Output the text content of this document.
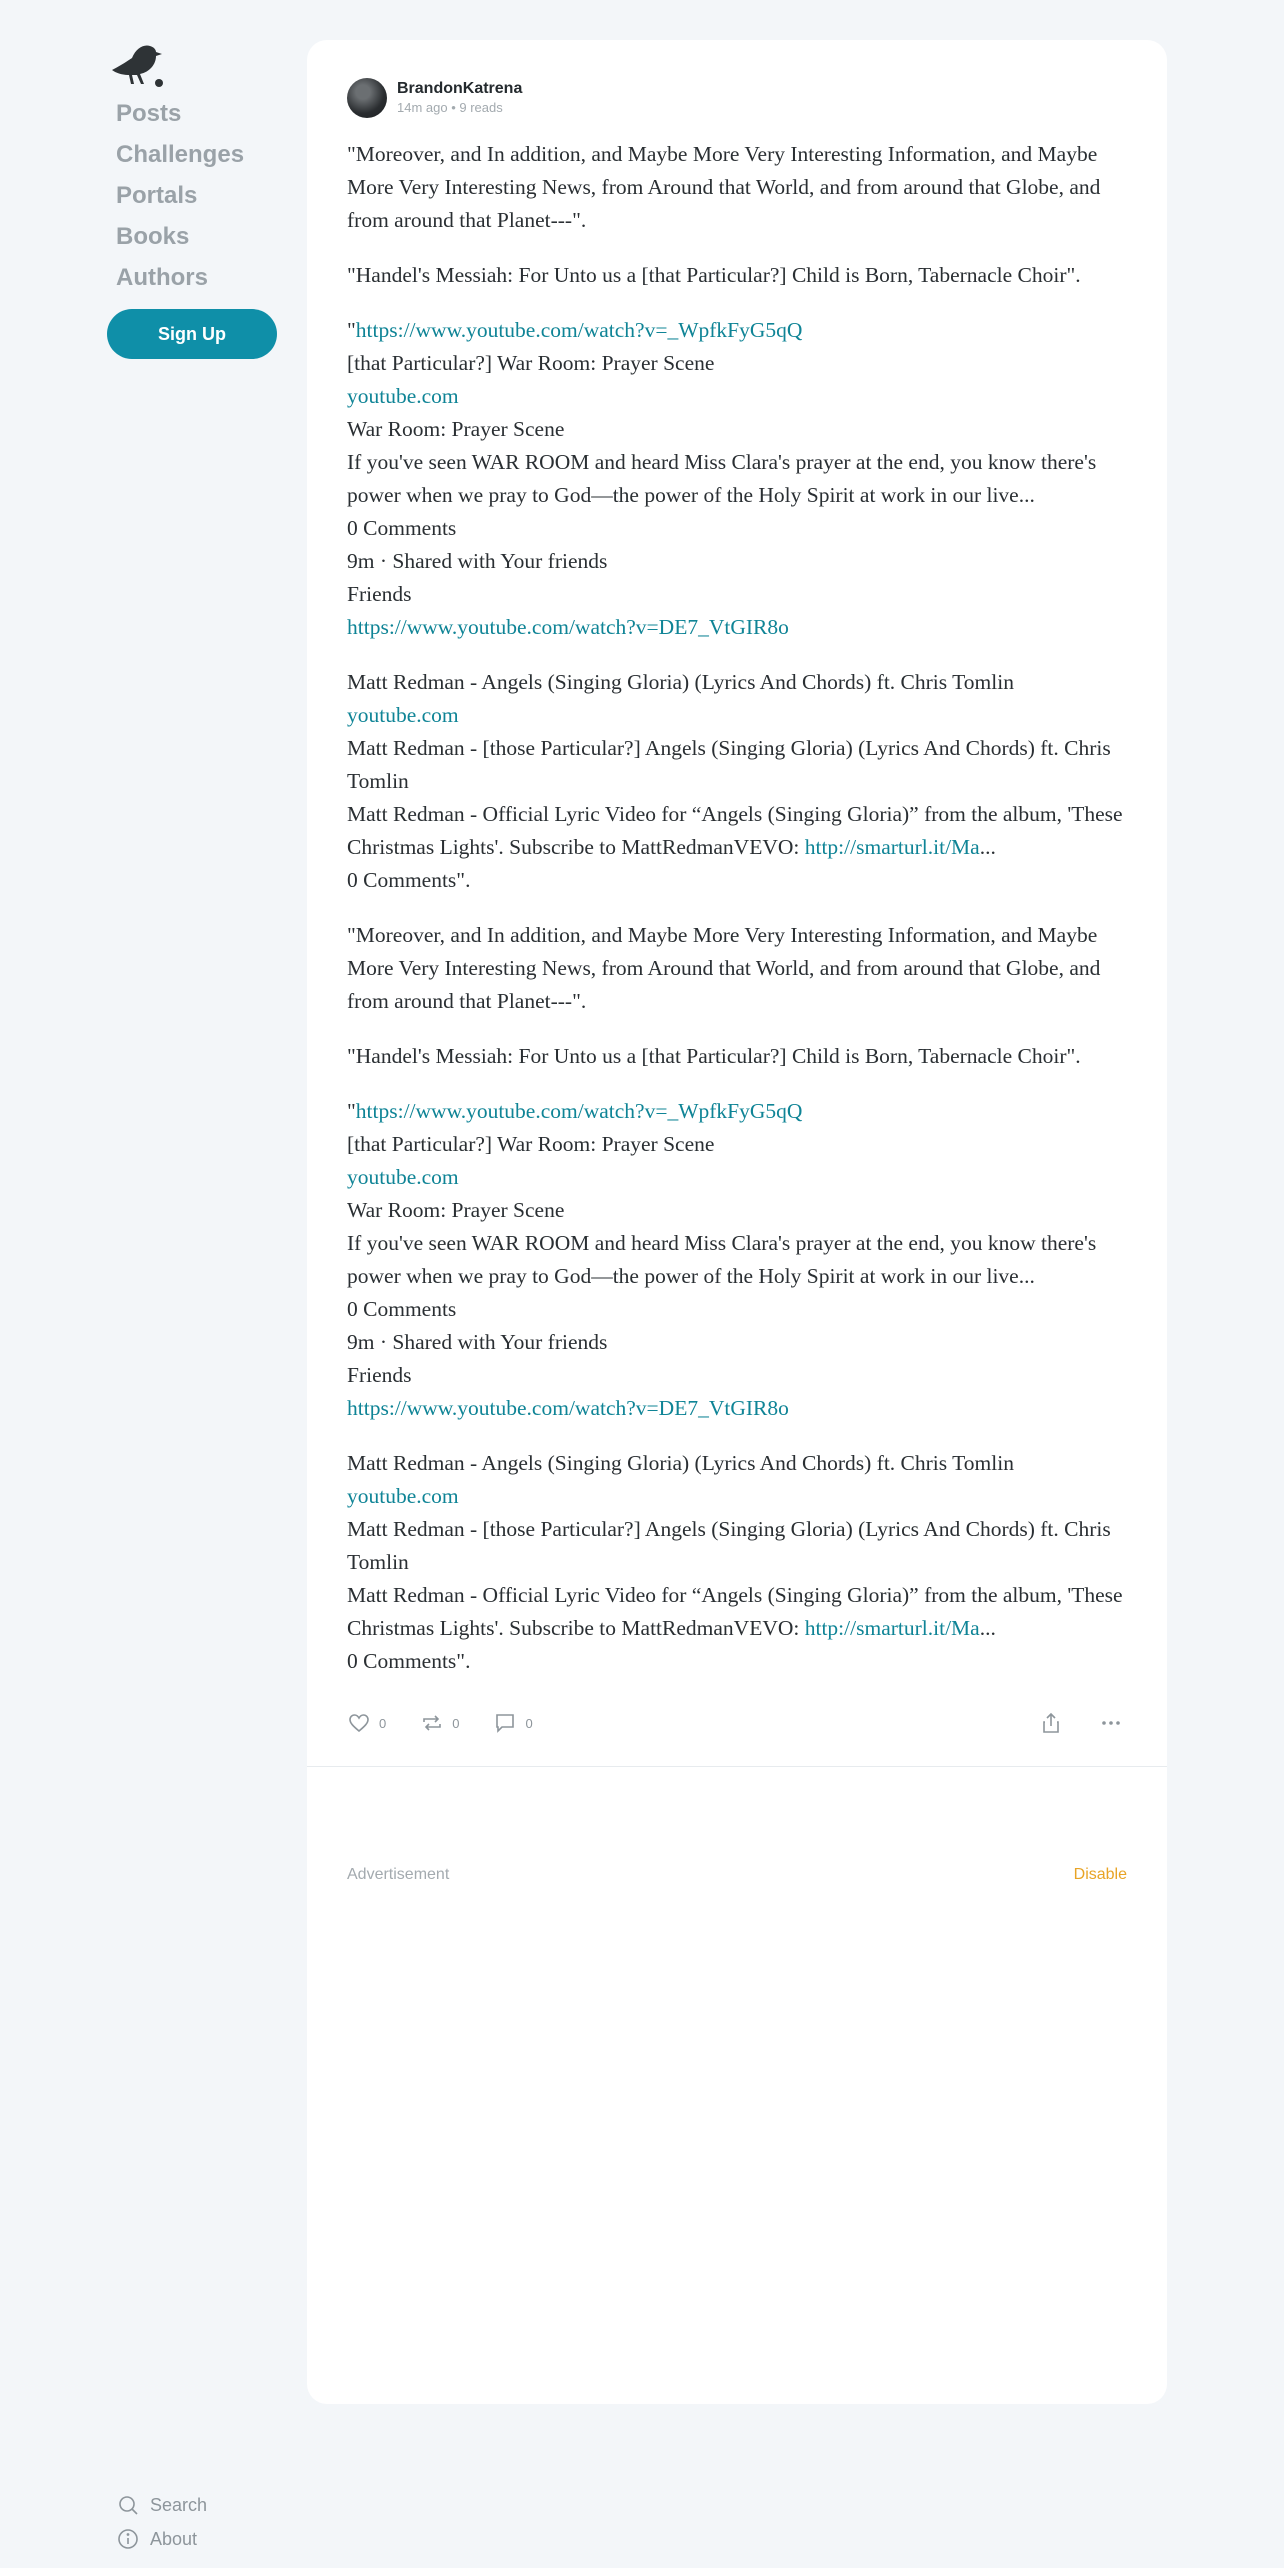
Posts
Challenges
Portals
Books
Authors
Sign Up
BrandonKatrena
14m ago • 9 reads

"Moreover, and In addition, and Maybe More Very Interesting Information, and Maybe More Very Interesting News, from Around that World, and from around that Globe, and from around that Planet---".

"Handel's Messiah: For Unto us a [that Particular?] Child is Born, Tabernacle Choir".

"https://www.youtube.com/watch?v=_WpfkFyG5qQ
[that Particular?] War Room: Prayer Scene
youtube.com
War Room: Prayer Scene
If you've seen WAR ROOM and heard Miss Clara's prayer at the end, you know there's power when we pray to God—the power of the Holy Spirit at work in our live...
0 Comments
9m · Shared with Your friends
Friends
https://www.youtube.com/watch?v=DE7_VtGIR8o

Matt Redman - Angels (Singing Gloria) (Lyrics And Chords) ft. Chris Tomlin
youtube.com
Matt Redman - [those Particular?] Angels (Singing Gloria) (Lyrics And Chords) ft. Chris Tomlin
Matt Redman - Official Lyric Video for “Angels (Singing Gloria)” from the album, 'These Christmas Lights'. Subscribe to MattRedmanVEVO: http://smarturl.it/Ma...
0 Comments".

"Moreover, and In addition, and Maybe More Very Interesting Information, and Maybe More Very Interesting News, from Around that World, and from around that Globe, and from around that Planet---".

"Handel's Messiah: For Unto us a [that Particular?] Child is Born, Tabernacle Choir".

"https://www.youtube.com/watch?v=_WpfkFyG5qQ
[that Particular?] War Room: Prayer Scene
youtube.com
War Room: Prayer Scene
If you've seen WAR ROOM and heard Miss Clara's prayer at the end, you know there's power when we pray to God—the power of the Holy Spirit at work in our live...
0 Comments
9m · Shared with Your friends
Friends
https://www.youtube.com/watch?v=DE7_VtGIR8o

Matt Redman - Angels (Singing Gloria) (Lyrics And Chords) ft. Chris Tomlin
youtube.com
Matt Redman - [those Particular?] Angels (Singing Gloria) (Lyrics And Chords) ft. Chris Tomlin
Matt Redman - Official Lyric Video for “Angels (Singing Gloria)” from the album, 'These Christmas Lights'. Subscribe to MattRedmanVEVO: http://smarturl.it/Ma...
0 Comments".

0	0	0
Advertisement	Disable
Search
About
